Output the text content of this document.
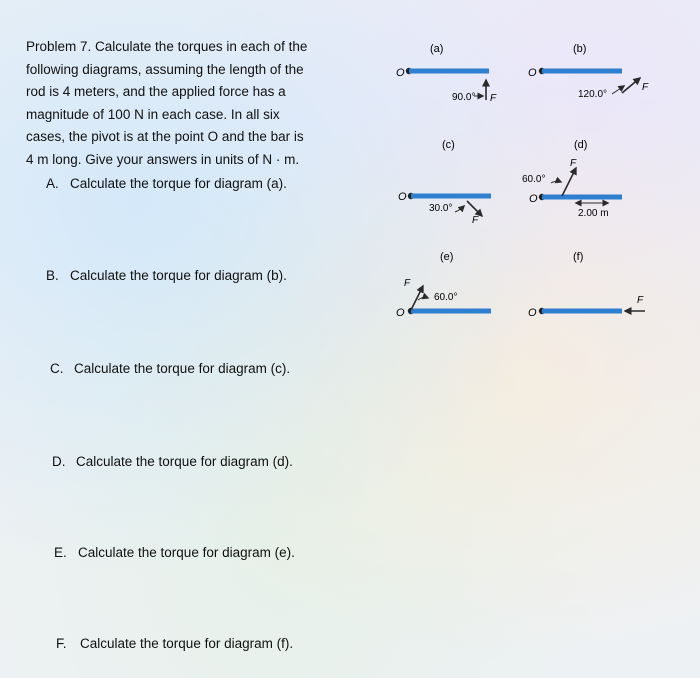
Problem 7. Calculate the torques in each of the

following diagrams, assuming the length of the

rod is 4 meters, and the applied force has a

magnitude of 100 N in each case. In all six

cases, the pivot is at the point O and the bar is

4 m long. Give your answers in units of N · m.

A. Calculate the torque for diagram (a).
B. Calculate the torque for diagram (b).
C. Calculate the torque for diagram (c).
D. Calculate the torque for diagram (d).
E. Calculate the torque for diagram (e).
F. Calculate the torque for diagram (f).
(a)
O
90.0° F
(b)
O
120.0°
F
(c)
O
30.0°
F
(d)
O
60.0°
F
2.00 m
(e)
O
60.0°
F
(f)
O
F
